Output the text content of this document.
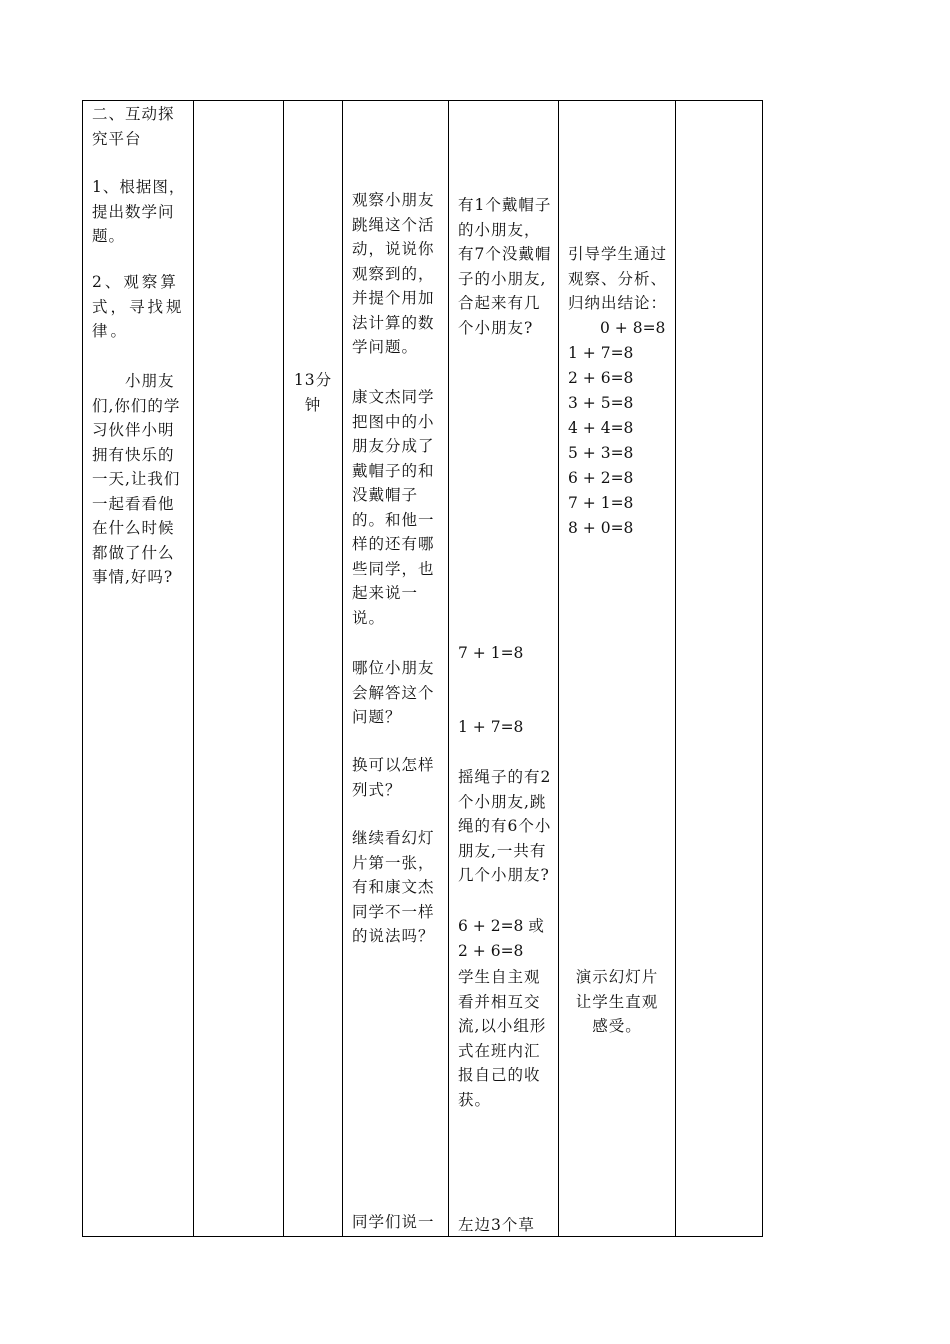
二、互动探究平台

1、根据图，提出数学问题。

2、观察算式，寻找规律。

　　小朋友们,你们的学习伙伴小明拥有快乐的一天,让我们一起看看他在什么时候都做了什么事情,好吗?

13分钟

观察小朋友跳绳这个活动，说说你观察到的，并提个用加法计算的数学问题。

康文杰同学把图中的小朋友分成了戴帽子的和没戴帽子的。和他一样的还有哪些同学，也起来说一说。

哪位小朋友会解答这个问题？

换可以怎样列式？

继续看幻灯片第一张，有和康文杰同学不一样的说法吗？

同学们说一

有1个戴帽子的小朋友，有7个没戴帽子的小朋友,合起来有几个小朋友?

7 + 1=8

1 + 7=8

摇绳子的有2个小朋友,跳绳的有6个小朋友,一共有几个小朋友?

6 + 2=8 或

2 + 6=8

学生自主观看并相互交流,以小组形式在班内汇报自己的收获。

左边3个草

引导学生通过观察、分析、归纳出结论：

0 + 8=8

1 + 7=8

2 + 6=8

3 + 5=8

4 + 4=8

5 + 3=8

6 + 2=8

7 + 1=8

8 + 0=8

演示幻灯片让学生直观感受。
